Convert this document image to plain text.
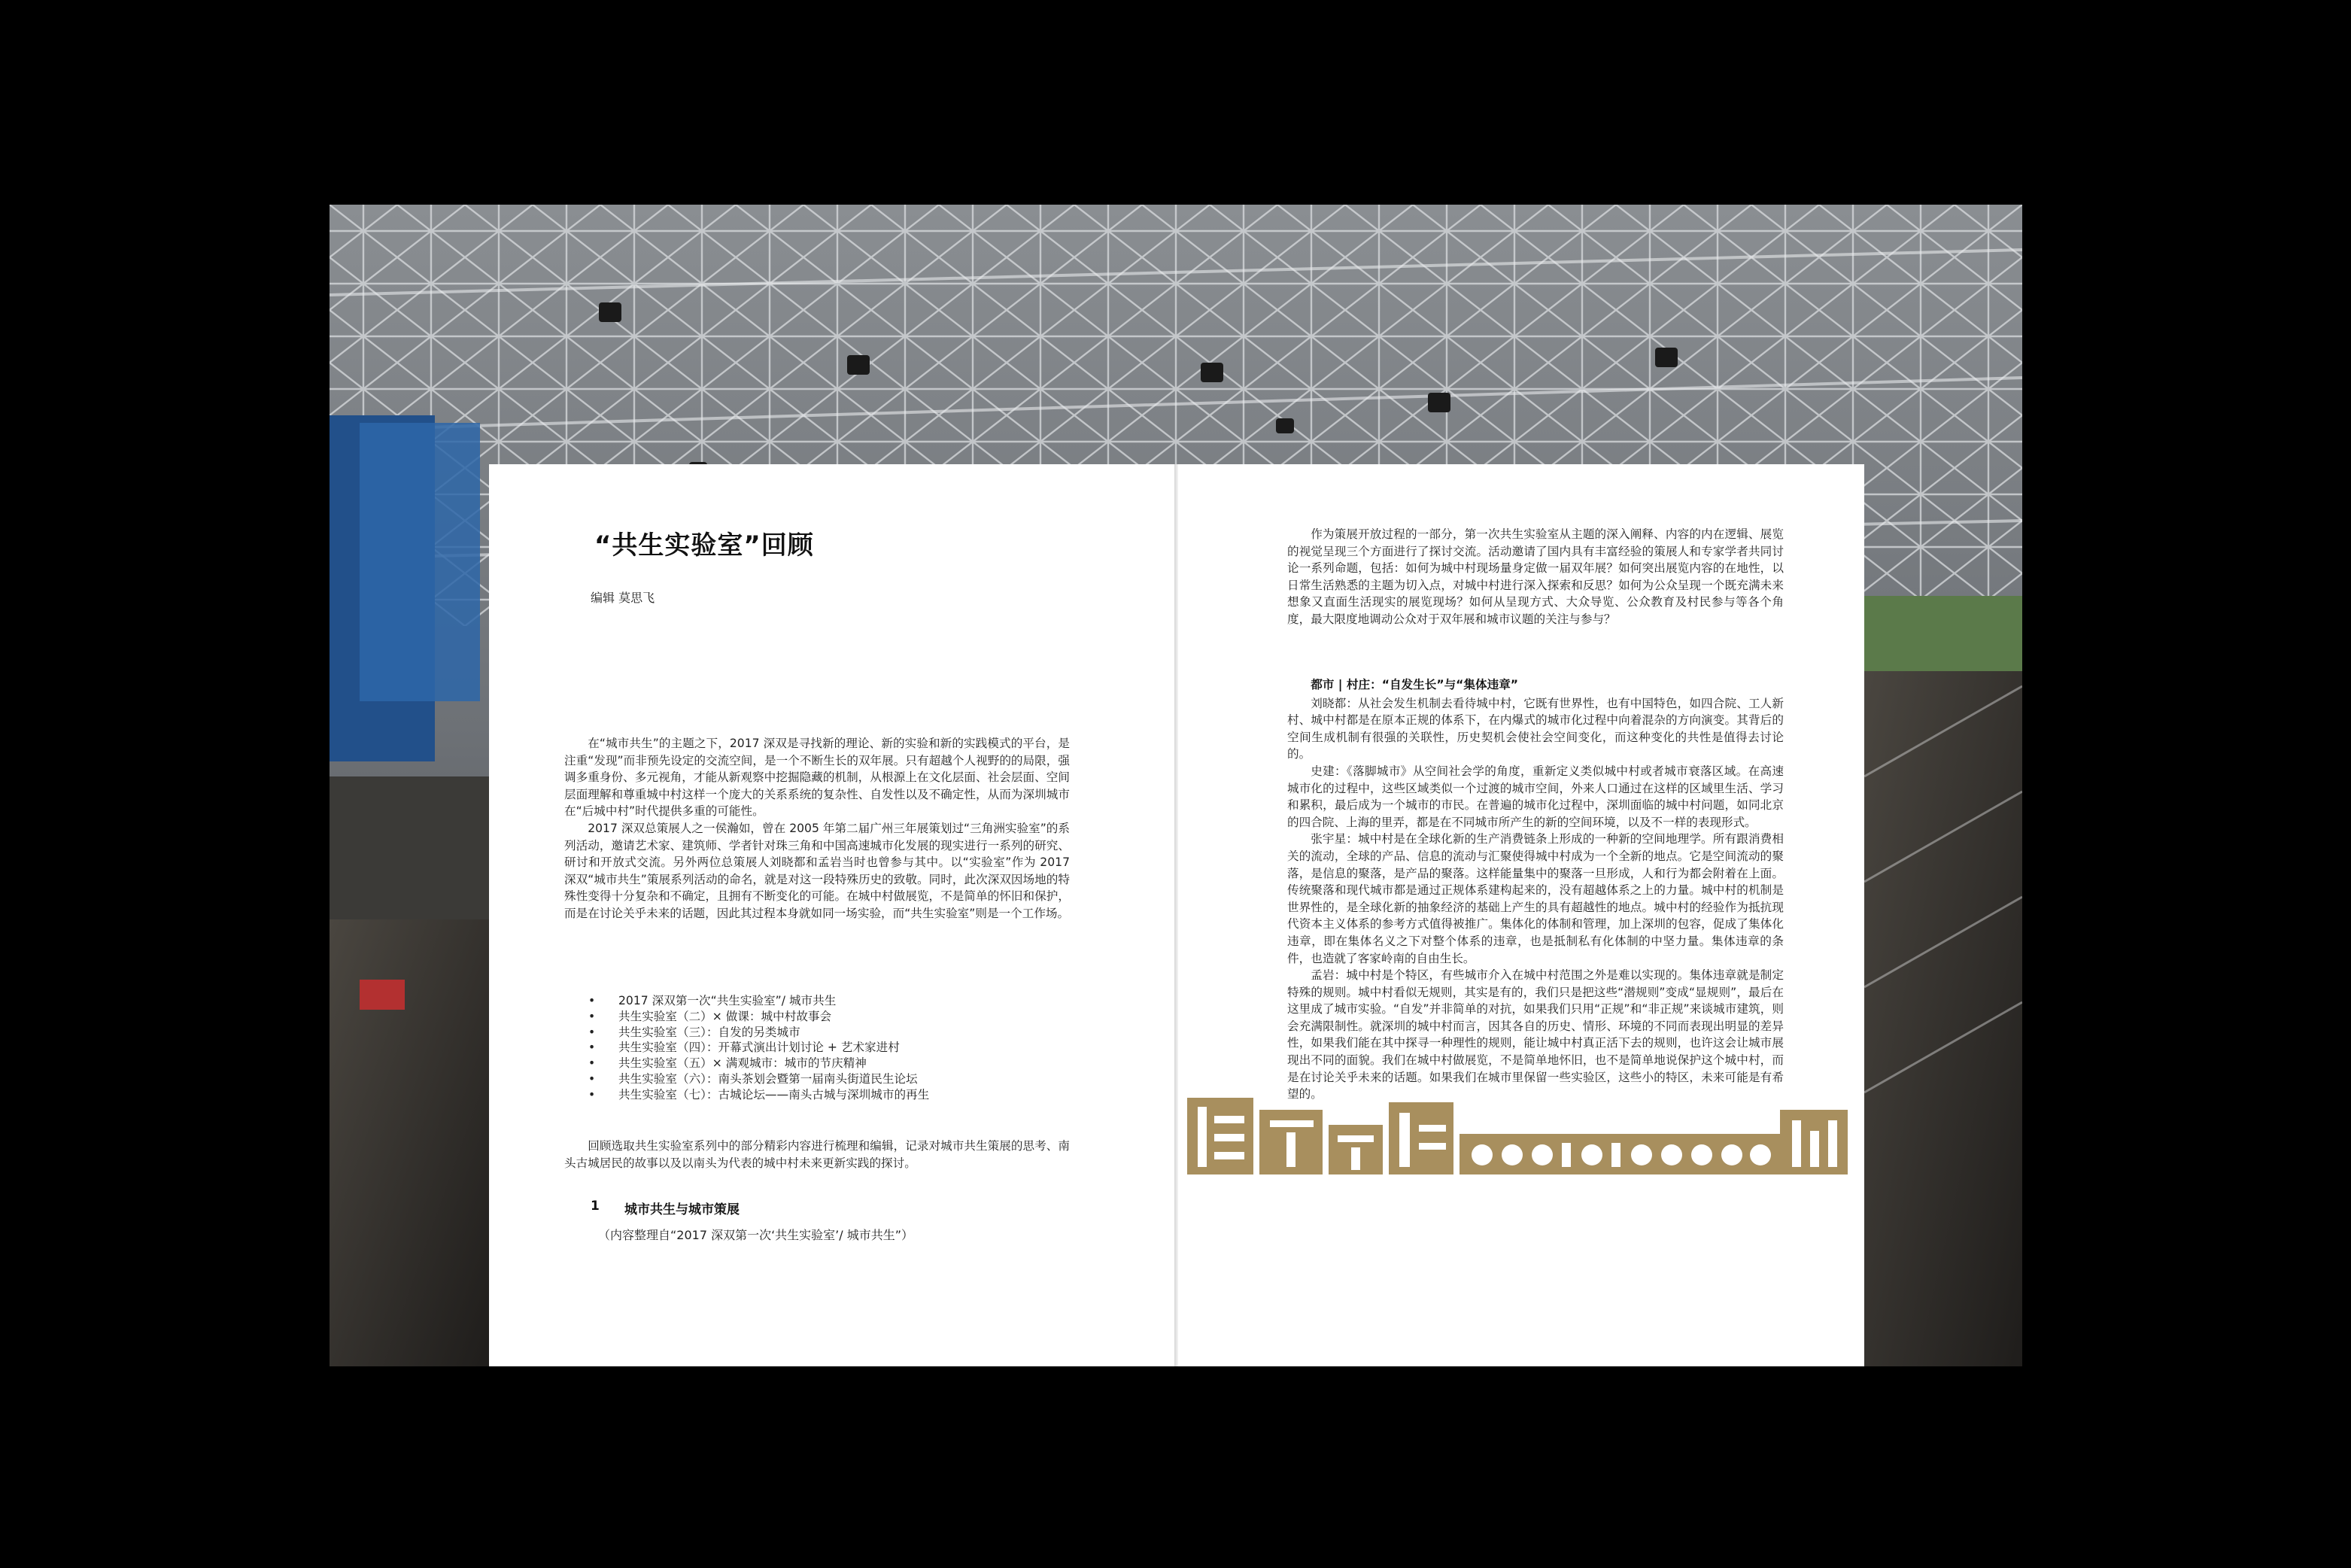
“共生实验室”回顾
编辑 莫思飞

在“城市共生”的主题之下，2017 深双是寻找新的理论、新的实验和新的实践模式的平台，是注重“发现”而非预先设定的交流空间，是一个不断生长的双年展。只有超越个人视野的的局限，强调多重身份、多元视角，才能从新观察中挖掘隐藏的机制，从根源上在文化层面、社会层面、空间层面理解和尊重城中村这样一个庞大的关系系统的复杂性、自发性以及不确定性，从而为深圳城市在“后城中村”时代提供多重的可能性。

2017 深双总策展人之一侯瀚如，曾在 2005 年第二届广州三年展策划过“三角洲实验室”的系列活动，邀请艺术家、建筑师、学者针对珠三角和中国高速城市化发展的现实进行一系列的研究、研讨和开放式交流。另外两位总策展人刘晓都和孟岩当时也曾参与其中。以“实验室”作为 2017 深双“城市共生”策展系列活动的命名，就是对这一段特殊历史的致敬。同时，此次深双因场地的特殊性变得十分复杂和不确定，且拥有不断变化的可能。在城中村做展览，不是简单的怀旧和保护，而是在讨论关乎未来的话题，因此其过程本身就如同一场实验，而“共生实验室”则是一个工作场。

• 2017 深双第一次“共生实验室”/ 城市共生
• 共生实验室（二）× 做课：城中村故事会
• 共生实验室（三）：自发的另类城市
• 共生实验室（四）：开幕式演出计划讨论 + 艺术家进村
• 共生实验室（五）× 满观城市：城市的节庆精神
• 共生实验室（六）：南头茶划会暨第一届南头街道民生论坛
• 共生实验室（七）：古城论坛——南头古城与深圳城市的再生

回顾选取共生实验室系列中的部分精彩内容进行梳理和编辑，记录对城市共生策展的思考、南头古城居民的故事以及以南头为代表的城中村未来更新实践的探讨。

1 城市共生与城市策展
（内容整理自“2017 深双第一次‘共生实验室’/ 城市共生”）

作为策展开放过程的一部分，第一次共生实验室从主题的深入阐释、内容的内在逻辑、展览的视觉呈现三个方面进行了探讨交流。活动邀请了国内具有丰富经验的策展人和专家学者共同讨论一系列命题，包括：如何为城中村现场量身定做一届双年展？如何突出展览内容的在地性，以日常生活熟悉的主题为切入点，对城中村进行深入探索和反思？如何为公众呈现一个既充满未来想象又直面生活现实的展览现场？如何从呈现方式、大众导览、公众教育及村民参与等各个角度，最大限度地调动公众对于双年展和城市议题的关注与参与？

都市 | 村庄：“自发生长”与“集体违章”

刘晓都：从社会发生机制去看待城中村，它既有世界性，也有中国特色，如四合院、工人新村、城中村都是在原本正规的体系下，在内爆式的城市化过程中向着混杂的方向演变。其背后的空间生成机制有很强的关联性，历史契机会使社会空间变化，而这种变化的共性是值得去讨论的。

史建：《落脚城市》从空间社会学的角度，重新定义类似城中村或者城市衰落区域。在高速城市化的过程中，这些区域类似一个过渡的城市空间，外来人口通过在这样的区域里生活、学习和累积，最后成为一个城市的市民。在普遍的城市化过程中，深圳面临的城中村问题，如同北京的四合院、上海的里弄，都是在不同城市所产生的新的空间环境，以及不一样的表现形式。

张宇星：城中村是在全球化新的生产消费链条上形成的一种新的空间地理学。所有跟消费相关的流动，全球的产品、信息的流动与汇聚使得城中村成为一个全新的地点。它是空间流动的聚落，是信息的聚落，是产品的聚落。这样能量集中的聚落一旦形成，人和行为都会附着在上面。传统聚落和现代城市都是通过正规体系建构起来的，没有超越体系之上的力量。城中村的机制是世界性的，是全球化新的抽象经济的基础上产生的具有超越性的地点。城中村的经验作为抵抗现代资本主义体系的参考方式值得被推广。集体化的体制和管理，加上深圳的包容，促成了集体化违章，即在集体名义之下对整个体系的违章，也是抵制私有化体制的中坚力量。集体违章的条件，也造就了客家岭南的自由生长。

孟岩：城中村是个特区，有些城市介入在城中村范围之外是难以实现的。集体违章就是制定特殊的规则。城中村看似无规则，其实是有的，我们只是把这些“潜规则”变成“显规则”，最后在这里成了城市实验。“自发”并非简单的对抗，如果我们只用“正规”和“非正规”来谈城市建筑，则会充满限制性。就深圳的城中村而言，因其各自的历史、情形、环境的不同而表现出明显的差异性，如果我们能在其中探寻一种理性的规则，能让城中村真正活下去的规则，也许这会让城市展现出不同的面貌。我们在城中村做展览，不是简单地怀旧，也不是简单地说保护这个城中村，而是在讨论关乎未来的话题。如果我们在城市里保留一些实验区，这些小的特区，未来可能是有希望的。
